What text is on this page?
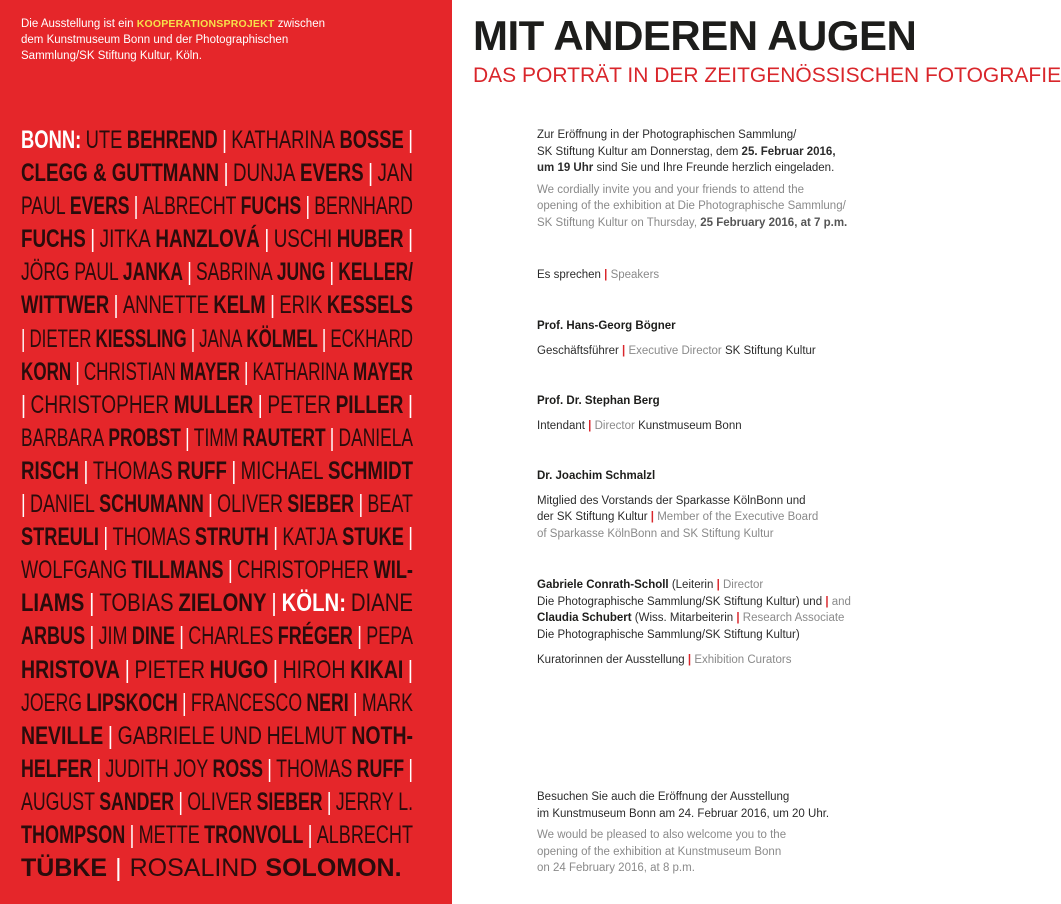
Die Ausstellung ist ein KOOPERATIONSPROJEKT zwischen
dem Kunstmuseum Bonn und der Photographischen
Sammlung/SK Stiftung Kultur, Köln.
BONN: UTE BEHREND | KATHARINA BOSSE |
CLEGG & GUTTMANN | DUNJA EVERS | JAN
PAUL EVERS | ALBRECHT FUCHS | BERNHARD
FUCHS | JITKA HANZLOVÁ | USCHI HUBER |
JÖRG PAUL JANKA | SABRINA JUNG | KELLER/
WITTWER | ANNETTE KELM | ERIK KESSELS
| DIETER KIESSLING | JANA KÖLMEL | ECKHARD
KORN | CHRISTIAN MAYER | KATHARINA MAYER
| CHRISTOPHER MULLER | PETER PILLER |
BARBARA PROBST | TIMM RAUTERT | DANIELA
RISCH | THOMAS RUFF | MICHAEL SCHMIDT
| DANIEL SCHUMANN | OLIVER SIEBER | BEAT
STREULI | THOMAS STRUTH | KATJA STUKE |
WOLFGANG TILLMANS | CHRISTOPHER WIL-
LIAMS | TOBIAS ZIELONY | KÖLN: DIANE
ARBUS | JIM DINE | CHARLES FRÉGER | PEPA
HRISTOVA | PIETER HUGO | HIROH KIKAI |
JOERG LIPSKOCH | FRANCESCO NERI | MARK
NEVILLE | GABRIELE UND HELMUT NOTH-
HELFER | JUDITH JOY ROSS | THOMAS RUFF |
AUGUST SANDER | OLIVER SIEBER | JERRY L.
THOMPSON | METTE TRONVOLL | ALBRECHT
TÜBKE | ROSALIND SOLOMON.
MIT ANDEREN AUGEN
DAS PORTRÄT IN DER ZEITGENÖSSISCHEN FOTOGRAFIE
Zur Eröffnung in der Photographischen Sammlung/
SK Stiftung Kultur am Donnerstag, dem 25. Februar 2016,
um 19 Uhr sind Sie und Ihre Freunde herzlich eingeladen.
We cordially invite you and your friends to attend the
opening of the exhibition at Die Photographische Sammlung/
SK Stiftung Kultur on Thursday, 25 February 2016, at 7 p.m.
Es sprechen | Speakers
Prof. Hans-Georg Bögner
Geschäftsführer | Executive Director SK Stiftung Kultur
Prof. Dr. Stephan Berg
Intendant | Director Kunstmuseum Bonn
Dr. Joachim Schmalzl
Mitglied des Vorstands der Sparkasse KölnBonn und
der SK Stiftung Kultur | Member of the Executive Board
of Sparkasse KölnBonn and SK Stiftung Kultur
Gabriele Conrath-Scholl (Leiterin | Director
Die Photographische Sammlung/SK Stiftung Kultur) und | and
Claudia Schubert (Wiss. Mitarbeiterin | Research Associate
Die Photographische Sammlung/SK Stiftung Kultur)
Kuratorinnen der Ausstellung | Exhibition Curators
Besuchen Sie auch die Eröffnung der Ausstellung
im Kunstmuseum Bonn am 24. Februar 2016, um 20 Uhr.
We would be pleased to also welcome you to the
opening of the exhibition at Kunstmuseum Bonn
on 24 February 2016, at 8 p.m.
